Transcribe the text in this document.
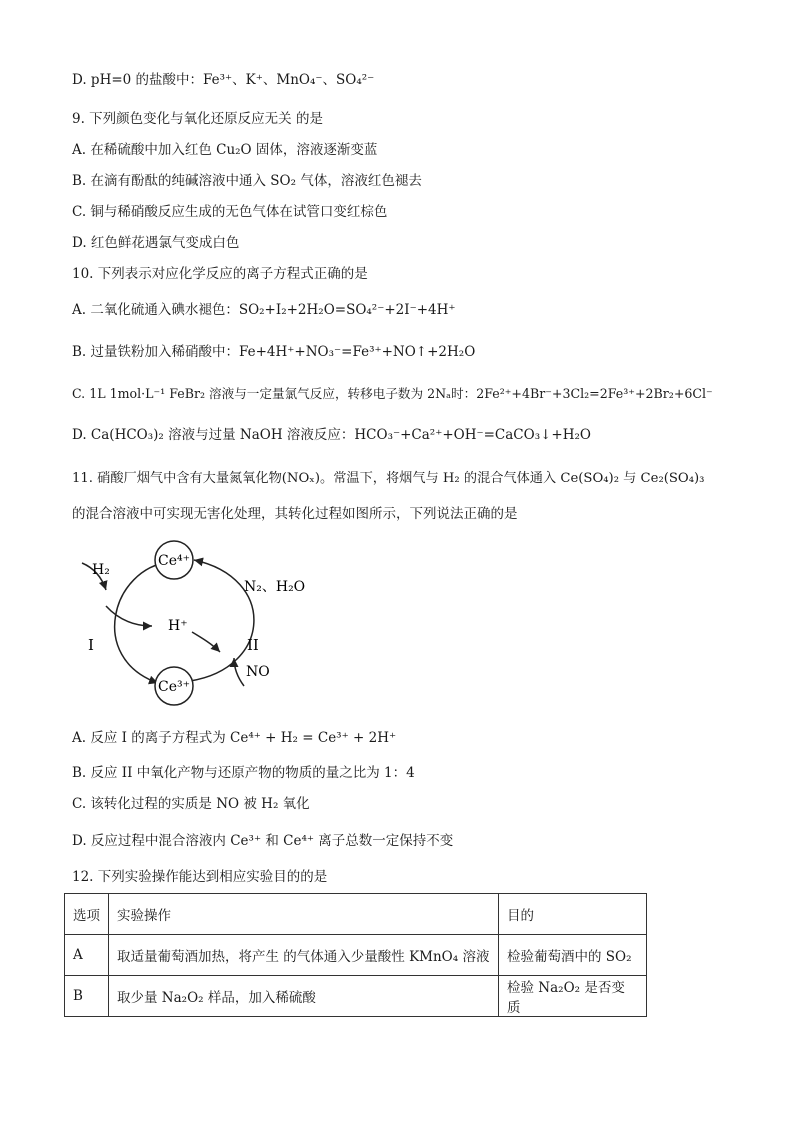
D. pH=0 的盐酸中：Fe³⁺、K⁺、MnO₄⁻、SO₄²⁻
9. 下列颜色变化与氧化还原反应无关 的是
A. 在稀硫酸中加入红色 Cu₂O 固体，溶液逐渐变蓝
B. 在滴有酚酞的纯碱溶液中通入 SO₂ 气体，溶液红色褪去
C. 铜与稀硝酸反应生成的无色气体在试管口变红棕色
D. 红色鲜花遇氯气变成白色
10. 下列表示对应化学反应的离子方程式正确的是
A. 二氧化硫通入碘水褪色：SO₂+I₂+2H₂O=SO₄²⁻+2I⁻+4H⁺
B. 过量铁粉加入稀硝酸中：Fe+4H⁺+NO₃⁻=Fe³⁺+NO↑+2H₂O
C. 1L 1mol·L⁻¹ FeBr₂ 溶液与一定量氯气反应，转移电子数为 2Nₐ时：2Fe²⁺+4Br⁻+3Cl₂=2Fe³⁺+2Br₂+6Cl⁻
D. Ca(HCO₃)₂ 溶液与过量 NaOH 溶液反应：HCO₃⁻+Ca²⁺+OH⁻=CaCO₃↓+H₂O
11. 硝酸厂烟气中含有大量氮氧化物(NOₓ)。常温下，将烟气与 H₂ 的混合气体通入 Ce(SO₄)₂ 与 Ce₂(SO₄)₃
的混合溶液中可实现无害化处理，其转化过程如图所示，下列说法正确的是
Ce⁴⁺
Ce³⁺
H₂
H⁺
N₂、H₂O
I	II
NO
A. 反应 I 的离子方程式为 Ce⁴⁺ + H₂ = Ce³⁺ + 2H⁺
B. 反应 II 中氧化产物与还原产物的物质的量之比为 1：4
C. 该转化过程的实质是 NO 被 H₂ 氧化
D. 反应过程中混合溶液内 Ce³⁺ 和 Ce⁴⁺ 离子总数一定保持不变
12. 下列实验操作能达到相应实验目的的是
选项	实验操作	目的
A	取适量葡萄酒加热，将产生 的气体通入少量酸性 KMnO₄ 溶液	检验葡萄酒中的 SO₂
B	取少量 Na₂O₂ 样品，加入稀硫酸	检验 Na₂O₂ 是否变质
